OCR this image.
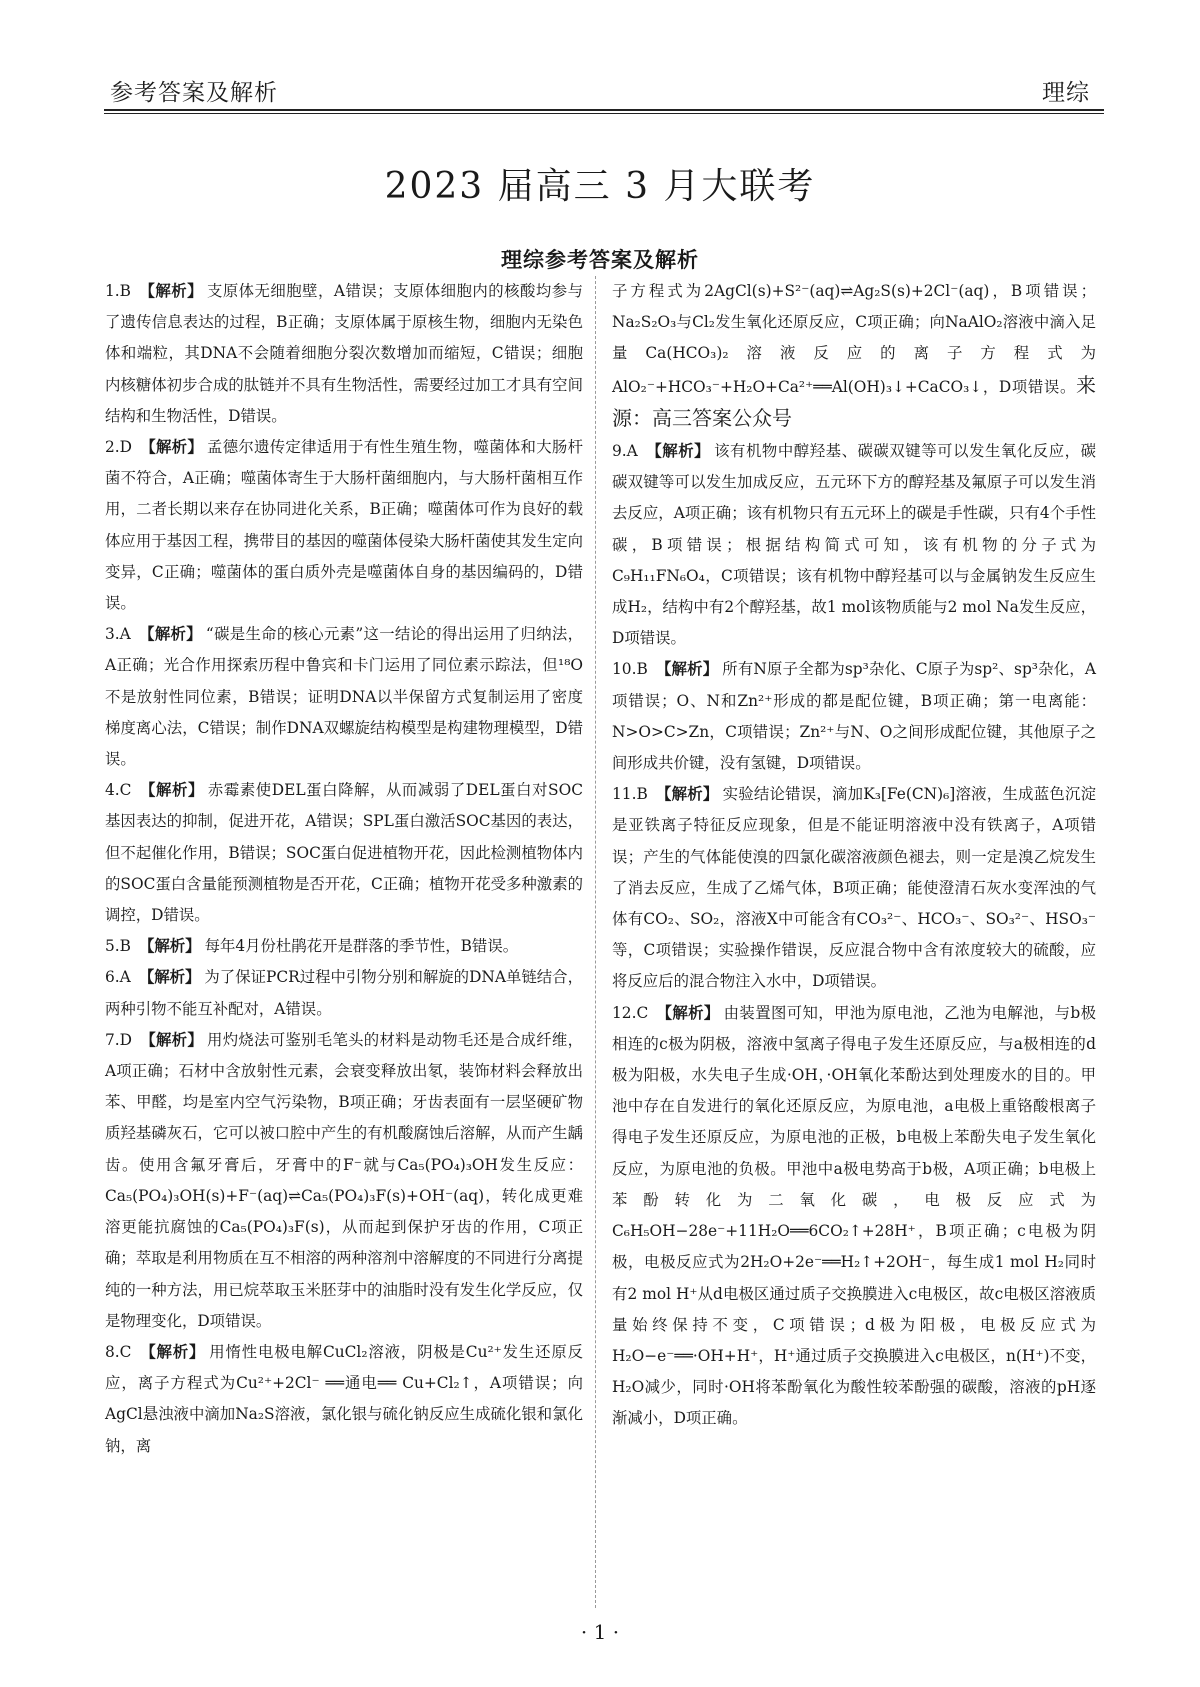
参考答案及解析	理综
2023 届高三 3 月大联考
理综参考答案及解析

1.B 【解析】 支原体无细胞壁，A错误；支原体细胞内的核酸均参与了遗传信息表达的过程，B正确；支原体属于原核生物，细胞内无染色体和端粒，其DNA不会随着细胞分裂次数增加而缩短，C错误；细胞内核糖体初步合成的肽链并不具有生物活性，需要经过加工才具有空间结构和生物活性，D错误。

2.D 【解析】 孟德尔遗传定律适用于有性生殖生物，噬菌体和大肠杆菌不符合，A正确；噬菌体寄生于大肠杆菌细胞内，与大肠杆菌相互作用，二者长期以来存在协同进化关系，B正确；噬菌体可作为良好的载体应用于基因工程，携带目的基因的噬菌体侵染大肠杆菌使其发生定向变异，C正确；噬菌体的蛋白质外壳是噬菌体自身的基因编码的，D错误。

3.A 【解析】 “碳是生命的核心元素”这一结论的得出运用了归纳法，A正确；光合作用探索历程中鲁宾和卡门运用了同位素示踪法，但¹⁸O不是放射性同位素，B错误；证明DNA以半保留方式复制运用了密度梯度离心法，C错误；制作DNA双螺旋结构模型是构建物理模型，D错误。

4.C 【解析】 赤霉素使DEL蛋白降解，从而减弱了DEL蛋白对SOC基因表达的抑制，促进开花，A错误；SPL蛋白激活SOC基因的表达，但不起催化作用，B错误；SOC蛋白促进植物开花，因此检测植物体内的SOC蛋白含量能预测植物是否开花，C正确；植物开花受多种激素的调控，D错误。

5.B 【解析】 每年4月份杜鹃花开是群落的季节性，B错误。

6.A 【解析】 为了保证PCR过程中引物分别和解旋的DNA单链结合，两种引物不能互补配对，A错误。

7.D 【解析】 用灼烧法可鉴别毛笔头的材料是动物毛还是合成纤维，A项正确；石材中含放射性元素，会衰变释放出氡，装饰材料会释放出苯、甲醛，均是室内空气污染物，B项正确；牙齿表面有一层坚硬矿物质羟基磷灰石，它可以被口腔中产生的有机酸腐蚀后溶解，从而产生龋齿。使用含氟牙膏后，牙膏中的F⁻就与Ca₅(PO₄)₃OH发生反应：Ca₅(PO₄)₃OH(s)+F⁻(aq)⇌Ca₅(PO₄)₃F(s)+OH⁻(aq)，转化成更难溶更能抗腐蚀的Ca₅(PO₄)₃F(s)，从而起到保护牙齿的作用，C项正确；萃取是利用物质在互不相溶的两种溶剂中溶解度的不同进行分离提纯的一种方法，用已烷萃取玉米胚芽中的油脂时没有发生化学反应，仅是物理变化，D项错误。

8.C 【解析】 用惰性电极电解CuCl₂溶液，阴极是Cu²⁺发生还原反应，离子方程式为Cu²⁺+2Cl⁻ ══通电══ Cu+Cl₂↑，A项错误；向AgCl悬浊液中滴加Na₂S溶液，氯化银与硫化钠反应生成硫化银和氯化钠，离

子方程式为2AgCl(s)+S²⁻(aq)⇌Ag₂S(s)+2Cl⁻(aq)，B项错误；Na₂S₂O₃与Cl₂发生氧化还原反应，C项正确；向NaAlO₂溶液中滴入足量Ca(HCO₃)₂溶液反应的离子方程式为AlO₂⁻+HCO₃⁻+H₂O+Ca²⁺══Al(OH)₃↓+CaCO₃↓，D项错误。来源：高三答案公众号

9.A 【解析】 该有机物中醇羟基、碳碳双键等可以发生氧化反应，碳碳双键等可以发生加成反应，五元环下方的醇羟基及氟原子可以发生消去反应，A项正确；该有机物只有五元环上的碳是手性碳，只有4个手性碳，B项错误；根据结构简式可知，该有机物的分子式为C₉H₁₁FN₆O₄，C项错误；该有机物中醇羟基可以与金属钠发生反应生成H₂，结构中有2个醇羟基，故1 mol该物质能与2 mol Na发生反应，D项错误。

10.B 【解析】 所有N原子全都为sp³杂化、C原子为sp²、sp³杂化，A项错误；O、N和Zn²⁺形成的都是配位键，B项正确；第一电离能：N>O>C>Zn，C项错误；Zn²⁺与N、O之间形成配位键，其他原子之间形成共价键，没有氢键，D项错误。

11.B 【解析】 实验结论错误，滴加K₃[Fe(CN)₆]溶液，生成蓝色沉淀是亚铁离子特征反应现象，但是不能证明溶液中没有铁离子，A项错误；产生的气体能使溴的四氯化碳溶液颜色褪去，则一定是溴乙烷发生了消去反应，生成了乙烯气体，B项正确；能使澄清石灰水变浑浊的气体有CO₂、SO₂，溶液X中可能含有CO₃²⁻、HCO₃⁻、SO₃²⁻、HSO₃⁻等，C项错误；实验操作错误，反应混合物中含有浓度较大的硫酸，应将反应后的混合物注入水中，D项错误。

12.C 【解析】 由装置图可知，甲池为原电池，乙池为电解池，与b极相连的c极为阴极，溶液中氢离子得电子发生还原反应，与a极相连的d极为阳极，水失电子生成·OH，·OH氧化苯酚达到处理废水的目的。甲池中存在自发进行的氧化还原反应，为原电池，a电极上重铬酸根离子得电子发生还原反应，为原电池的正极，b电极上苯酚失电子发生氧化反应，为原电池的负极。甲池中a极电势高于b极，A项正确；b电极上苯酚转化为二氧化碳，电极反应式为C₆H₅OH−28e⁻+11H₂O══6CO₂↑+28H⁺，B项正确；c电极为阴极，电极反应式为2H₂O+2e⁻══H₂↑+2OH⁻，每生成1 mol H₂同时有2 mol H⁺从d电极区通过质子交换膜进入c电极区，故c电极区溶液质量始终保持不变，C项错误；d极为阳极，电极反应式为H₂O−e⁻══·OH+H⁺，H⁺通过质子交换膜进入c电极区，n(H⁺)不变，H₂O减少，同时·OH将苯酚氧化为酸性较苯酚强的碳酸，溶液的pH逐渐减小，D项正确。

· 1 ·
